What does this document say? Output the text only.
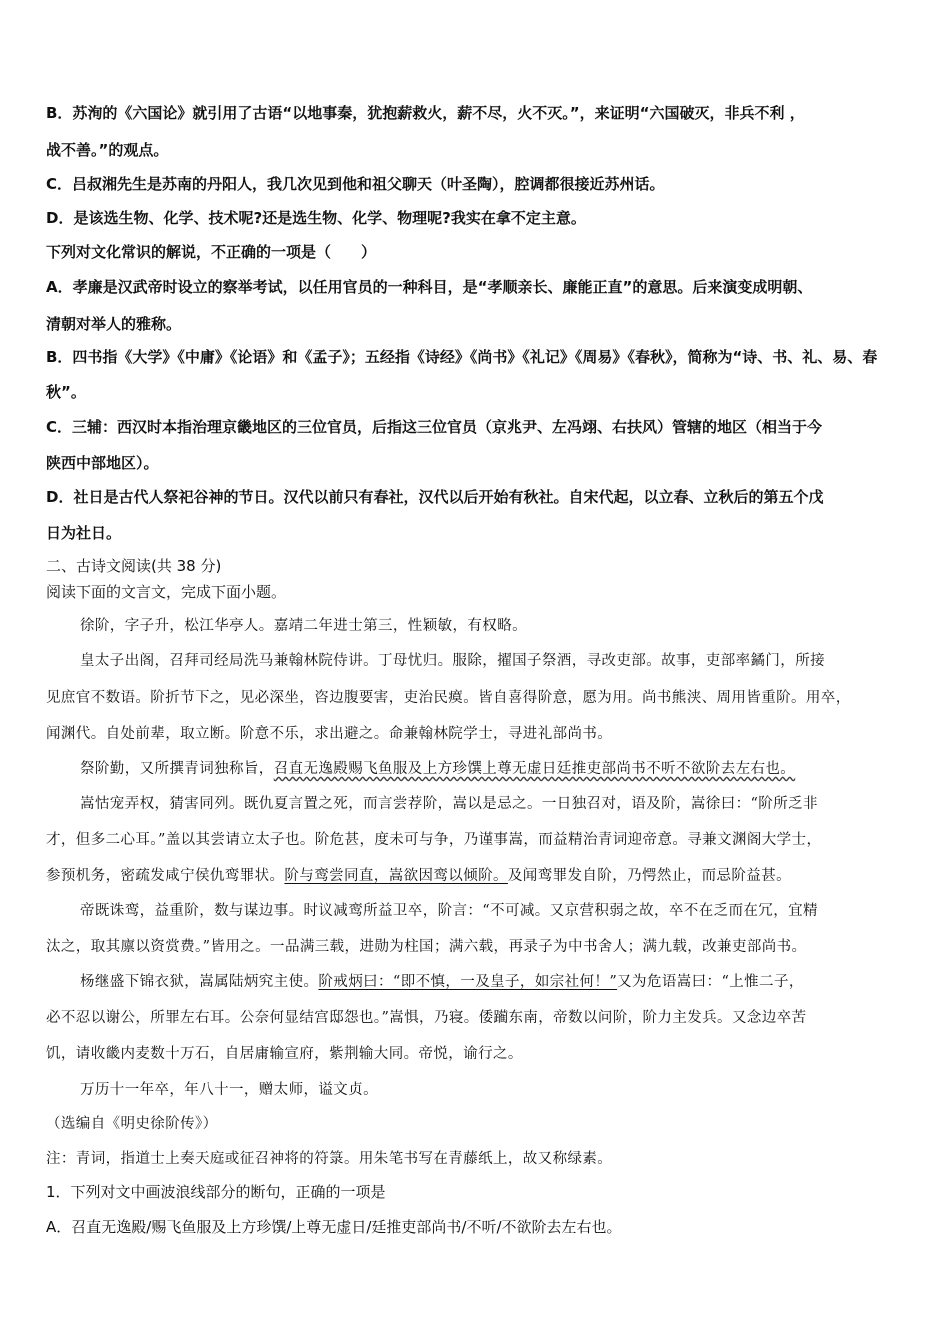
B．苏洵的《六国论》就引用了古语“以地事秦，犹抱薪救火，薪不尽，火不灭。”，来证明“六国破灭，非兵不利 ，
战不善。”的观点。
C．吕叔湘先生是苏南的丹阳人，我几次见到他和祖父聊天（叶圣陶），腔调都很接近苏州话。
D．是该选生物、化学、技术呢?还是选生物、化学、物理呢?我实在拿不定主意。
下列对文化常识的解说，不正确的一项是（　　）
A．孝廉是汉武帝时设立的察举考试，以任用官员的一种科目，是“孝顺亲长、廉能正直”的意思。后来演变成明朝、
清朝对举人的雅称。
B．四书指《大学》《中庸》《论语》和《孟子》；五经指《诗经》《尚书》《礼记》《周易》《春秋》，简称为“诗、书、礼、易、春
秋”。
C．三辅：西汉时本指治理京畿地区的三位官员，后指这三位官员（京兆尹、左冯翊、右扶风）管辖的地区（相当于今
陕西中部地区）。
D．社日是古代人祭祀谷神的节日。汉代以前只有春社，汉代以后开始有秋社。自宋代起，以立春、立秋后的第五个戊
日为社日。
二、古诗文阅读(共 38 分)
阅读下面的文言文，完成下面小题。
徐阶，字子升，松江华亭人。嘉靖二年进士第三，性颖敏，有权略。
皇太子出阁，召拜司经局洗马兼翰林院侍讲。丁母忧归。服除，擢国子祭酒，寻改吏部。故事，吏部率鐍门，所接
见庶官不数语。阶折节下之，见必深坐，咨边腹要害，吏治民瘼。皆自喜得阶意，愿为用。尚书熊浃、周用皆重阶。用卒，
闻渊代。自处前辈，取立断。阶意不乐，求出避之。命兼翰林院学士，寻进礼部尚书。
祭阶勤，又所撰青词独称旨，召直无逸殿赐飞鱼服及上方珍馔上尊无虚日廷推吏部尚书不听不欲阶去左右也。
嵩怙宠弄权，猜害同列。既仇夏言置之死，而言尝荐阶，嵩以是忌之。一日独召对，语及阶，嵩徐曰：“阶所乏非
才，但多二心耳。”盖以其尝请立太子也。阶危甚，度未可与争，乃谨事嵩，而益精治青词迎帝意。寻兼文渊阁大学士，
参预机务，密疏发咸宁侯仇鸾罪状。阶与鸾尝同直，嵩欲因鸾以倾阶。及闻鸾罪发自阶，乃愕然止，而忌阶益甚。
帝既诛鸾，益重阶，数与谋边事。时议减鸾所益卫卒，阶言：“不可减。又京营积弱之故，卒不在乏而在冗，宜精
汰之，取其廪以资赏费。”皆用之。一品满三载，进勋为柱国；满六载，再录子为中书舍人；满九载，改兼吏部尚书。
杨继盛下锦衣狱，嵩属陆炳究主使。阶戒炳曰：“即不慎，一及皇子，如宗社何！”又为危语嵩曰：“上惟二子，
必不忍以谢公，所罪左右耳。公奈何显结宫邸怨也。”嵩惧，乃寝。倭躏东南，帝数以问阶，阶力主发兵。又念边卒苦
饥，请收畿内麦数十万石，自居庸输宣府，紫荆输大同。帝悦，谕行之。
万历十一年卒，年八十一，赠太师，谥文贞。
（选编自《明史徐阶传》）
注：青词，指道士上奏天庭或征召神将的符箓。用朱笔书写在青藤纸上，故又称绿素。
1．下列对文中画波浪线部分的断句，正确的一项是
A．召直无逸殿/赐飞鱼服及上方珍馔/上尊无虚日/廷推吏部尚书/不听/不欲阶去左右也。
